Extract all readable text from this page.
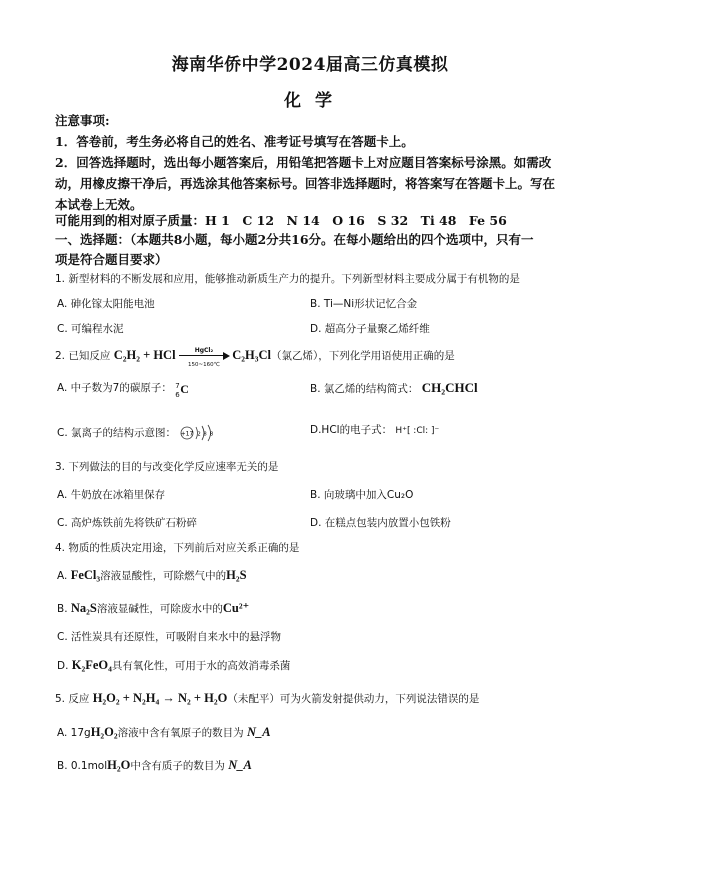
海南华侨中学2024届高三仿真模拟
化 学
注意事项:
1．答卷前，考生务必将自己的姓名、准考证号填写在答题卡上。
2．回答选择题时，选出每小题答案后，用铅笔把答题卡上对应题目答案标号涂黑。如需改
动，用橡皮擦干净后，再选涂其他答案标号。回答非选择题时，将答案写在答题卡上。写在
本试卷上无效。
可能用到的相对原子质量：H 1　C 12　N 14　O 16　S 32　Ti 48　Fe 56
一、选择题：（本题共8小题，每小题2分共16分。在每小题给出的四个选项中，只有一
项是符合题目要求）
1. 新型材料的不断发展和应用，能够推动新质生产力的提升。下列新型材料主要成分属于有机物的是
A. 砷化镓太阳能电池	B. Ti—Ni形状记忆合金
C. 可编程水泥	D. 超高分子量聚乙烯纤维
2. 已知反应 C₂H₂ + HCl	HgCl₂
150~160℃
C₂H₃Cl（氯乙烯），下列化学用语使用正确的是
A. 中子数为7的碳原子： 7
6 C	B. 氯乙烯的结构简式： CH₂CHCl
C. 氯离子的结构示意图： +17 2 8 8	D.HCl的电子式： H⁺[ :Cl: ]⁻
3. 下列做法的目的与改变化学反应速率无关的是
A. 牛奶放在冰箱里保存	B. 向玻璃中加入Cu₂O
C. 高炉炼铁前先将铁矿石粉碎	D. 在糕点包装内放置小包铁粉
4. 物质的性质决定用途，下列前后对应关系正确的是
A. FeCl₃溶液显酸性，可除燃气中的H₂S
B. Na₂S溶液显碱性，可除废水中的Cu²⁺
C. 活性炭具有还原性，可吸附自来水中的悬浮物
D. K₂FeO₄具有氧化性，可用于水的高效消毒杀菌
5. 反应 H₂O₂ + N₂H₄ → N₂ + H₂O（未配平）可为火箭发射提供动力，下列说法错误的是
A. 17gH₂O₂溶液中含有氧原子的数目为 N_A
B. 0.1molH₂O中含有质子的数目为 N_A
